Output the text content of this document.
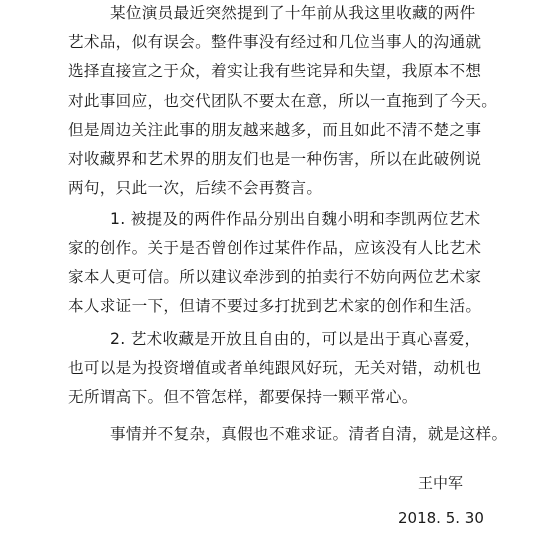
某位演员最近突然提到了十年前从我这里收藏的两件
艺术品，似有误会。整件事没有经过和几位当事人的沟通就
选择直接宣之于众，着实让我有些诧异和失望，我原本不想
对此事回应，也交代团队不要太在意，所以一直拖到了今天。
但是周边关注此事的朋友越来越多，而且如此不清不楚之事
对收藏界和艺术界的朋友们也是一种伤害，所以在此破例说
两句，只此一次，后续不会再赘言。
1. 被提及的两件作品分别出自魏小明和李凯两位艺术
家的创作。关于是否曾创作过某件作品，应该没有人比艺术
家本人更可信。所以建议牵涉到的拍卖行不妨向两位艺术家
本人求证一下，但请不要过多打扰到艺术家的创作和生活。
2. 艺术收藏是开放且自由的，可以是出于真心喜爱，
也可以是为投资增值或者单纯跟风好玩，无关对错，动机也
无所谓高下。但不管怎样，都要保持一颗平常心。
事情并不复杂，真假也不难求证。清者自清，就是这样。
王中军
2018. 5. 30
